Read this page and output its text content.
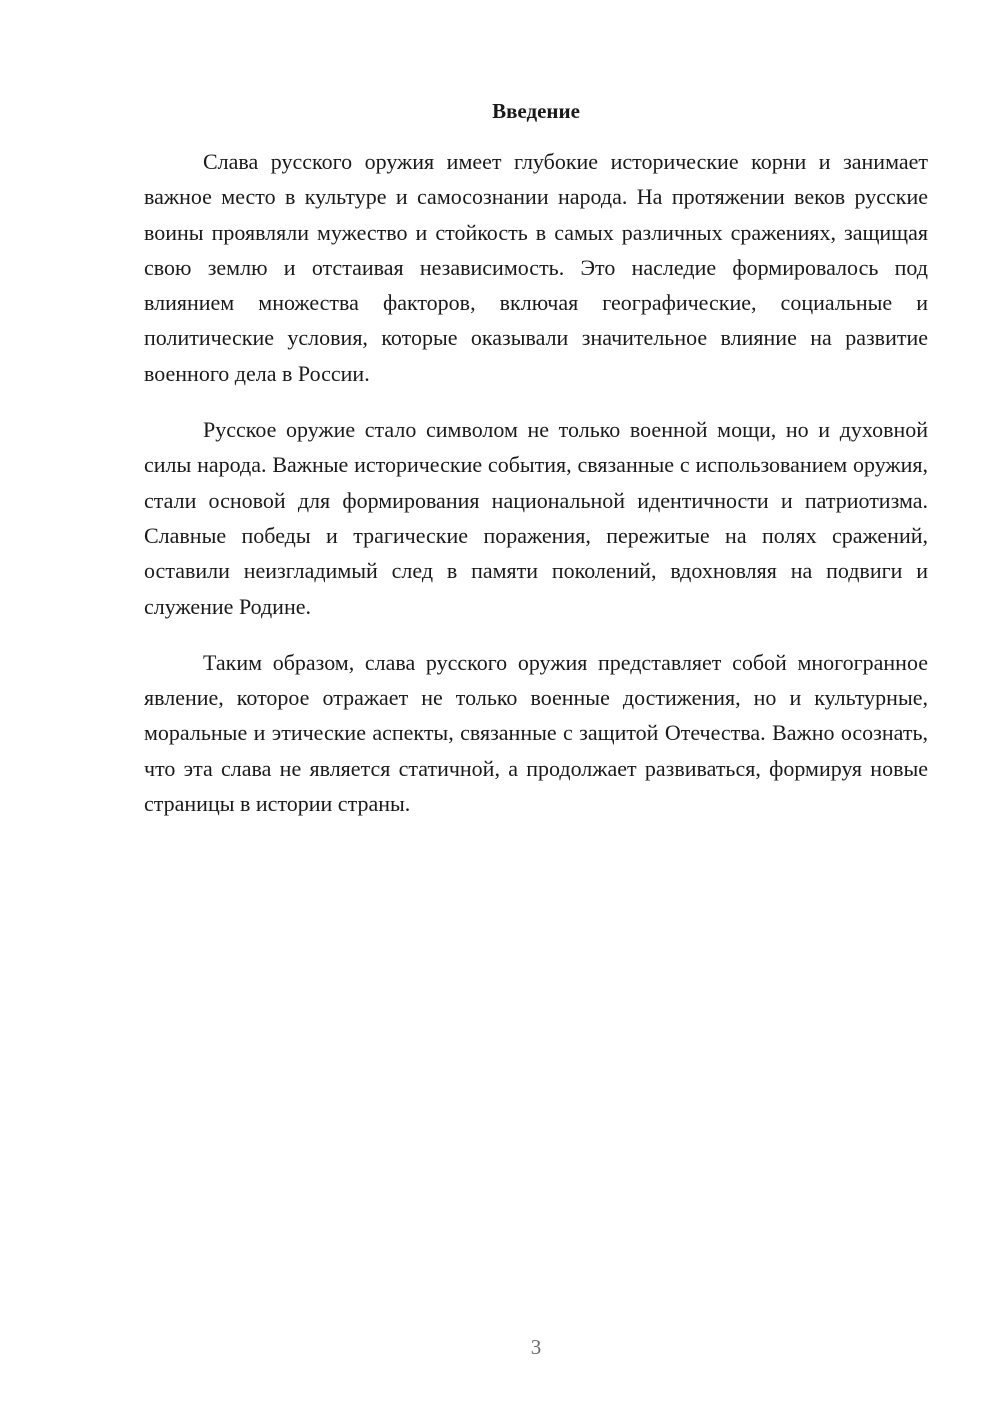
Введение

Слава русского оружия имеет глубокие исторические корни и занимает важное место в культуре и самосознании народа. На протяжении веков русские воины проявляли мужество и стойкость в самых различных сражениях, защищая свою землю и отстаивая независимость. Это наследие формировалось под влиянием множества факторов, включая географические, социальные и политические условия, которые оказывали значительное влияние на развитие военного дела в России.

Русское оружие стало символом не только военной мощи, но и духовной силы народа. Важные исторические события, связанные с использованием оружия, стали основой для формирования национальной идентичности и патриотизма. Славные победы и трагические поражения, пережитые на полях сражений, оставили неизгладимый след в памяти поколений, вдохновляя на подвиги и служение Родине.

Таким образом, слава русского оружия представляет собой многогранное явление, которое отражает не только военные достижения, но и культурные, моральные и этические аспекты, связанные с защитой Отечества. Важно осознать, что эта слава не является статичной, а продолжает развиваться, формируя новые страницы в истории страны.

3
